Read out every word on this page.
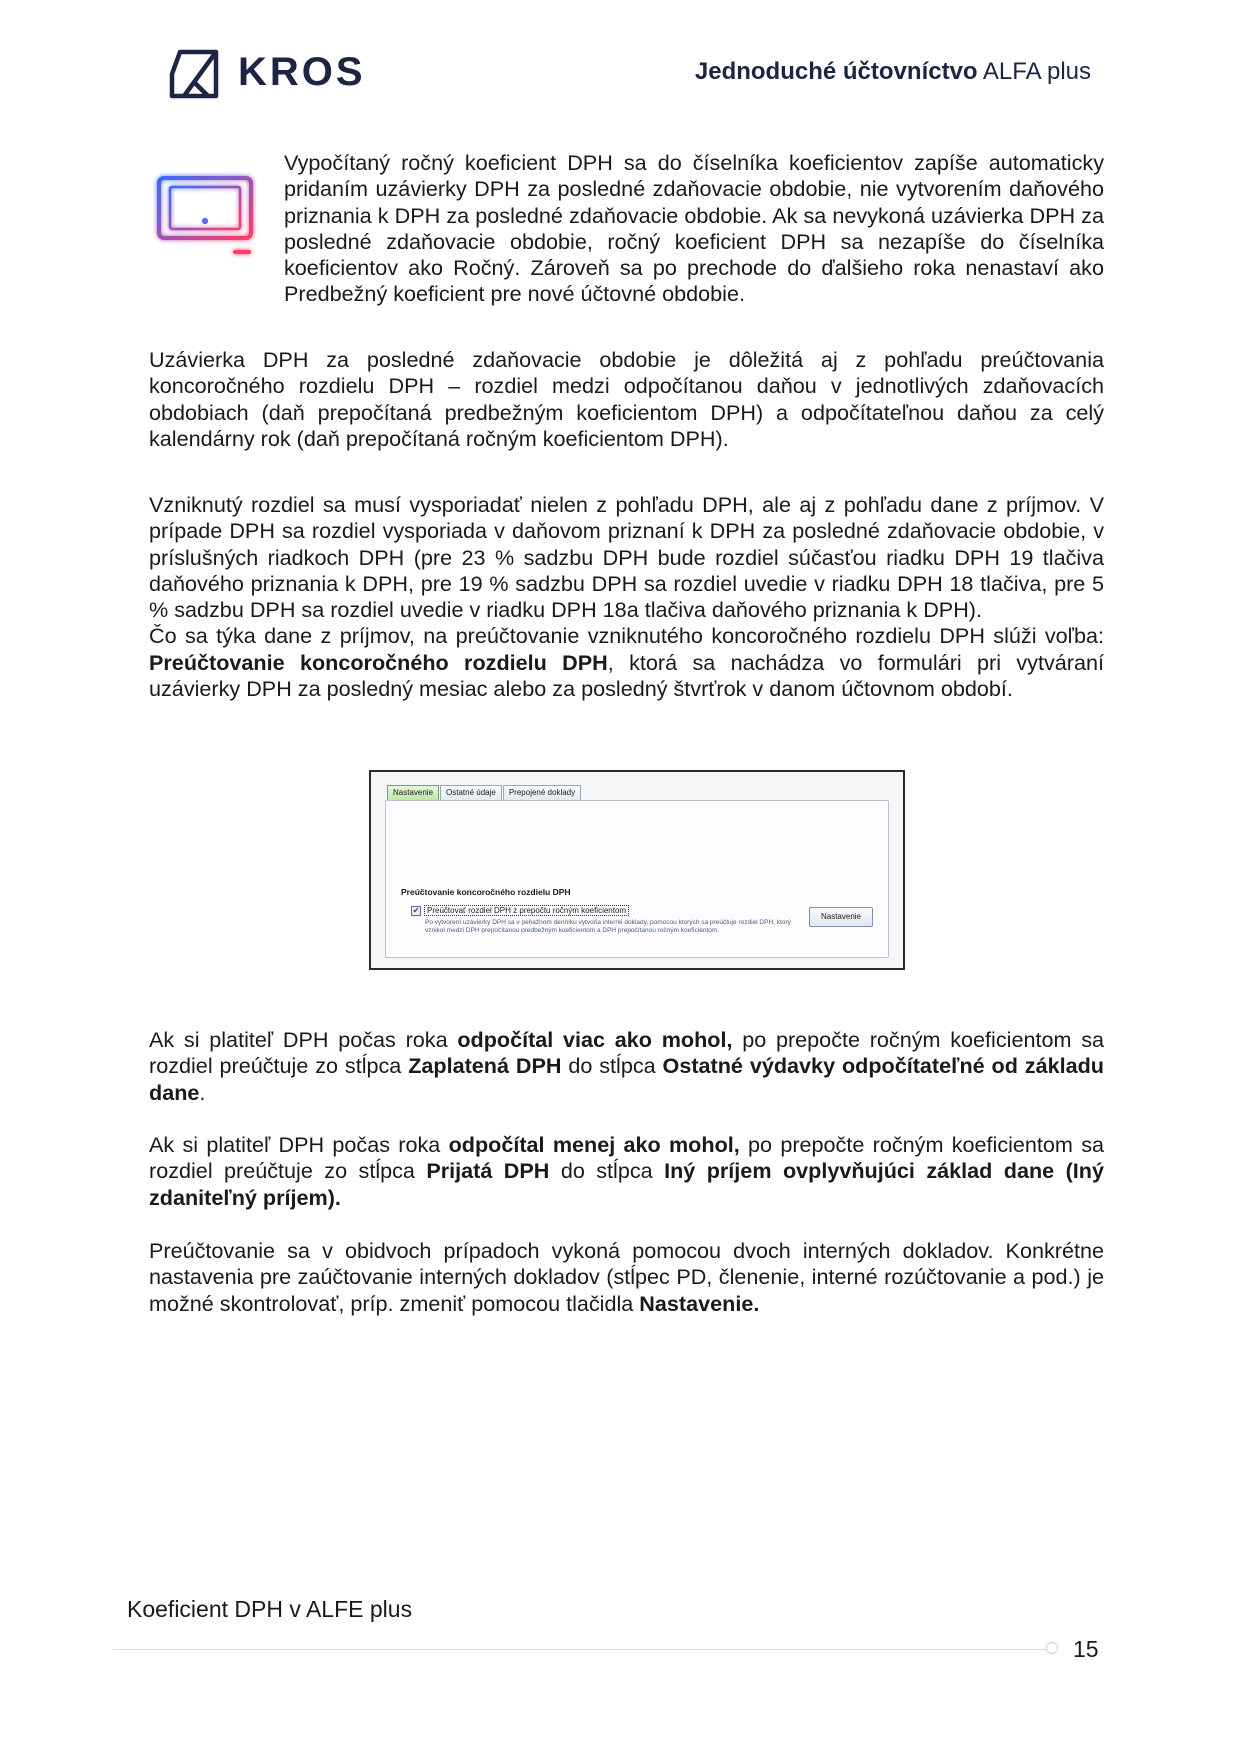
KROS	Jednoduché účtovníctvo ALFA plus

Vypočítaný ročný koeficient DPH sa do číselníka koeficientov zapíše automaticky pridaním uzávierky DPH za posledné zdaňovacie obdobie, nie vytvorením daňového priznania k DPH za posledné zdaňovacie obdobie. Ak sa nevykoná uzávierka DPH za posledné zdaňovacie obdobie, ročný koeficient DPH sa nezapíše do číselníka koeficientov ako Ročný. Zároveň sa po prechode do ďalšieho roka nenastaví ako Predbežný koeficient pre nové účtovné obdobie.

Uzávierka DPH za posledné zdaňovacie obdobie je dôležitá aj z pohľadu preúčtovania koncoročného rozdielu DPH – rozdiel medzi odpočítanou daňou v jednotlivých zdaňovacích obdobiach (daň prepočítaná predbežným koeficientom DPH) a odpočítateľnou daňou za celý kalendárny rok (daň prepočítaná ročným koeficientom DPH).

Vzniknutý rozdiel sa musí vysporiadať nielen z pohľadu DPH, ale aj z pohľadu dane z príjmov. V prípade DPH sa rozdiel vysporiada v daňovom priznaní k DPH za posledné zdaňovacie obdobie, v príslušných riadkoch DPH (pre 23 % sadzbu DPH bude rozdiel súčasťou riadku DPH 19 tlačiva daňového priznania k DPH, pre 19 % sadzbu DPH sa rozdiel uvedie v riadku DPH 18 tlačiva, pre 5 % sadzbu DPH sa rozdiel uvedie v riadku DPH 18a tlačiva daňového priznania k DPH).
Čo sa týka dane z príjmov, na preúčtovanie vzniknutého koncoročného rozdielu DPH slúži voľba: Preúčtovanie koncoročného rozdielu DPH, ktorá sa nachádza vo formulári pri vytváraní uzávierky DPH za posledný mesiac alebo za posledný štvrťrok v danom účtovnom období.

Nastavenie	Ostatné údaje	Prepojené doklady
Preúčtovanie koncoročného rozdielu DPH
✔ Preúčtovať rozdiel DPH z prepočtu ročným koeficientom
Po vytvorení uzávierky DPH sa v peňažnom denníku vytvoria interné doklady, pomocou ktorých sa preúčtuje rozdiel DPH, ktorý vznikol medzi DPH prepočítanou predbežným koeficientom a DPH prepočítanou ročným koeficientom.
Nastavenie

Ak si platiteľ DPH počas roka odpočítal viac ako mohol, po prepočte ročným koeficientom sa rozdiel preúčtuje zo stĺpca Zaplatená DPH do stĺpca Ostatné výdavky odpočítateľné od základu dane.

Ak si platiteľ DPH počas roka odpočítal menej ako mohol, po prepočte ročným koeficientom sa rozdiel preúčtuje zo stĺpca Prijatá DPH do stĺpca Iný príjem ovplyvňujúci základ dane (Iný zdaniteľný príjem).

Preúčtovanie sa v obidvoch prípadoch vykoná pomocou dvoch interných dokladov. Konkrétne nastavenia pre zaúčtovanie interných dokladov (stĺpec PD, členenie, interné rozúčtovanie a pod.) je možné skontrolovať, príp. zmeniť pomocou tlačidla Nastavenie.

Koeficient DPH v ALFE plus
15
